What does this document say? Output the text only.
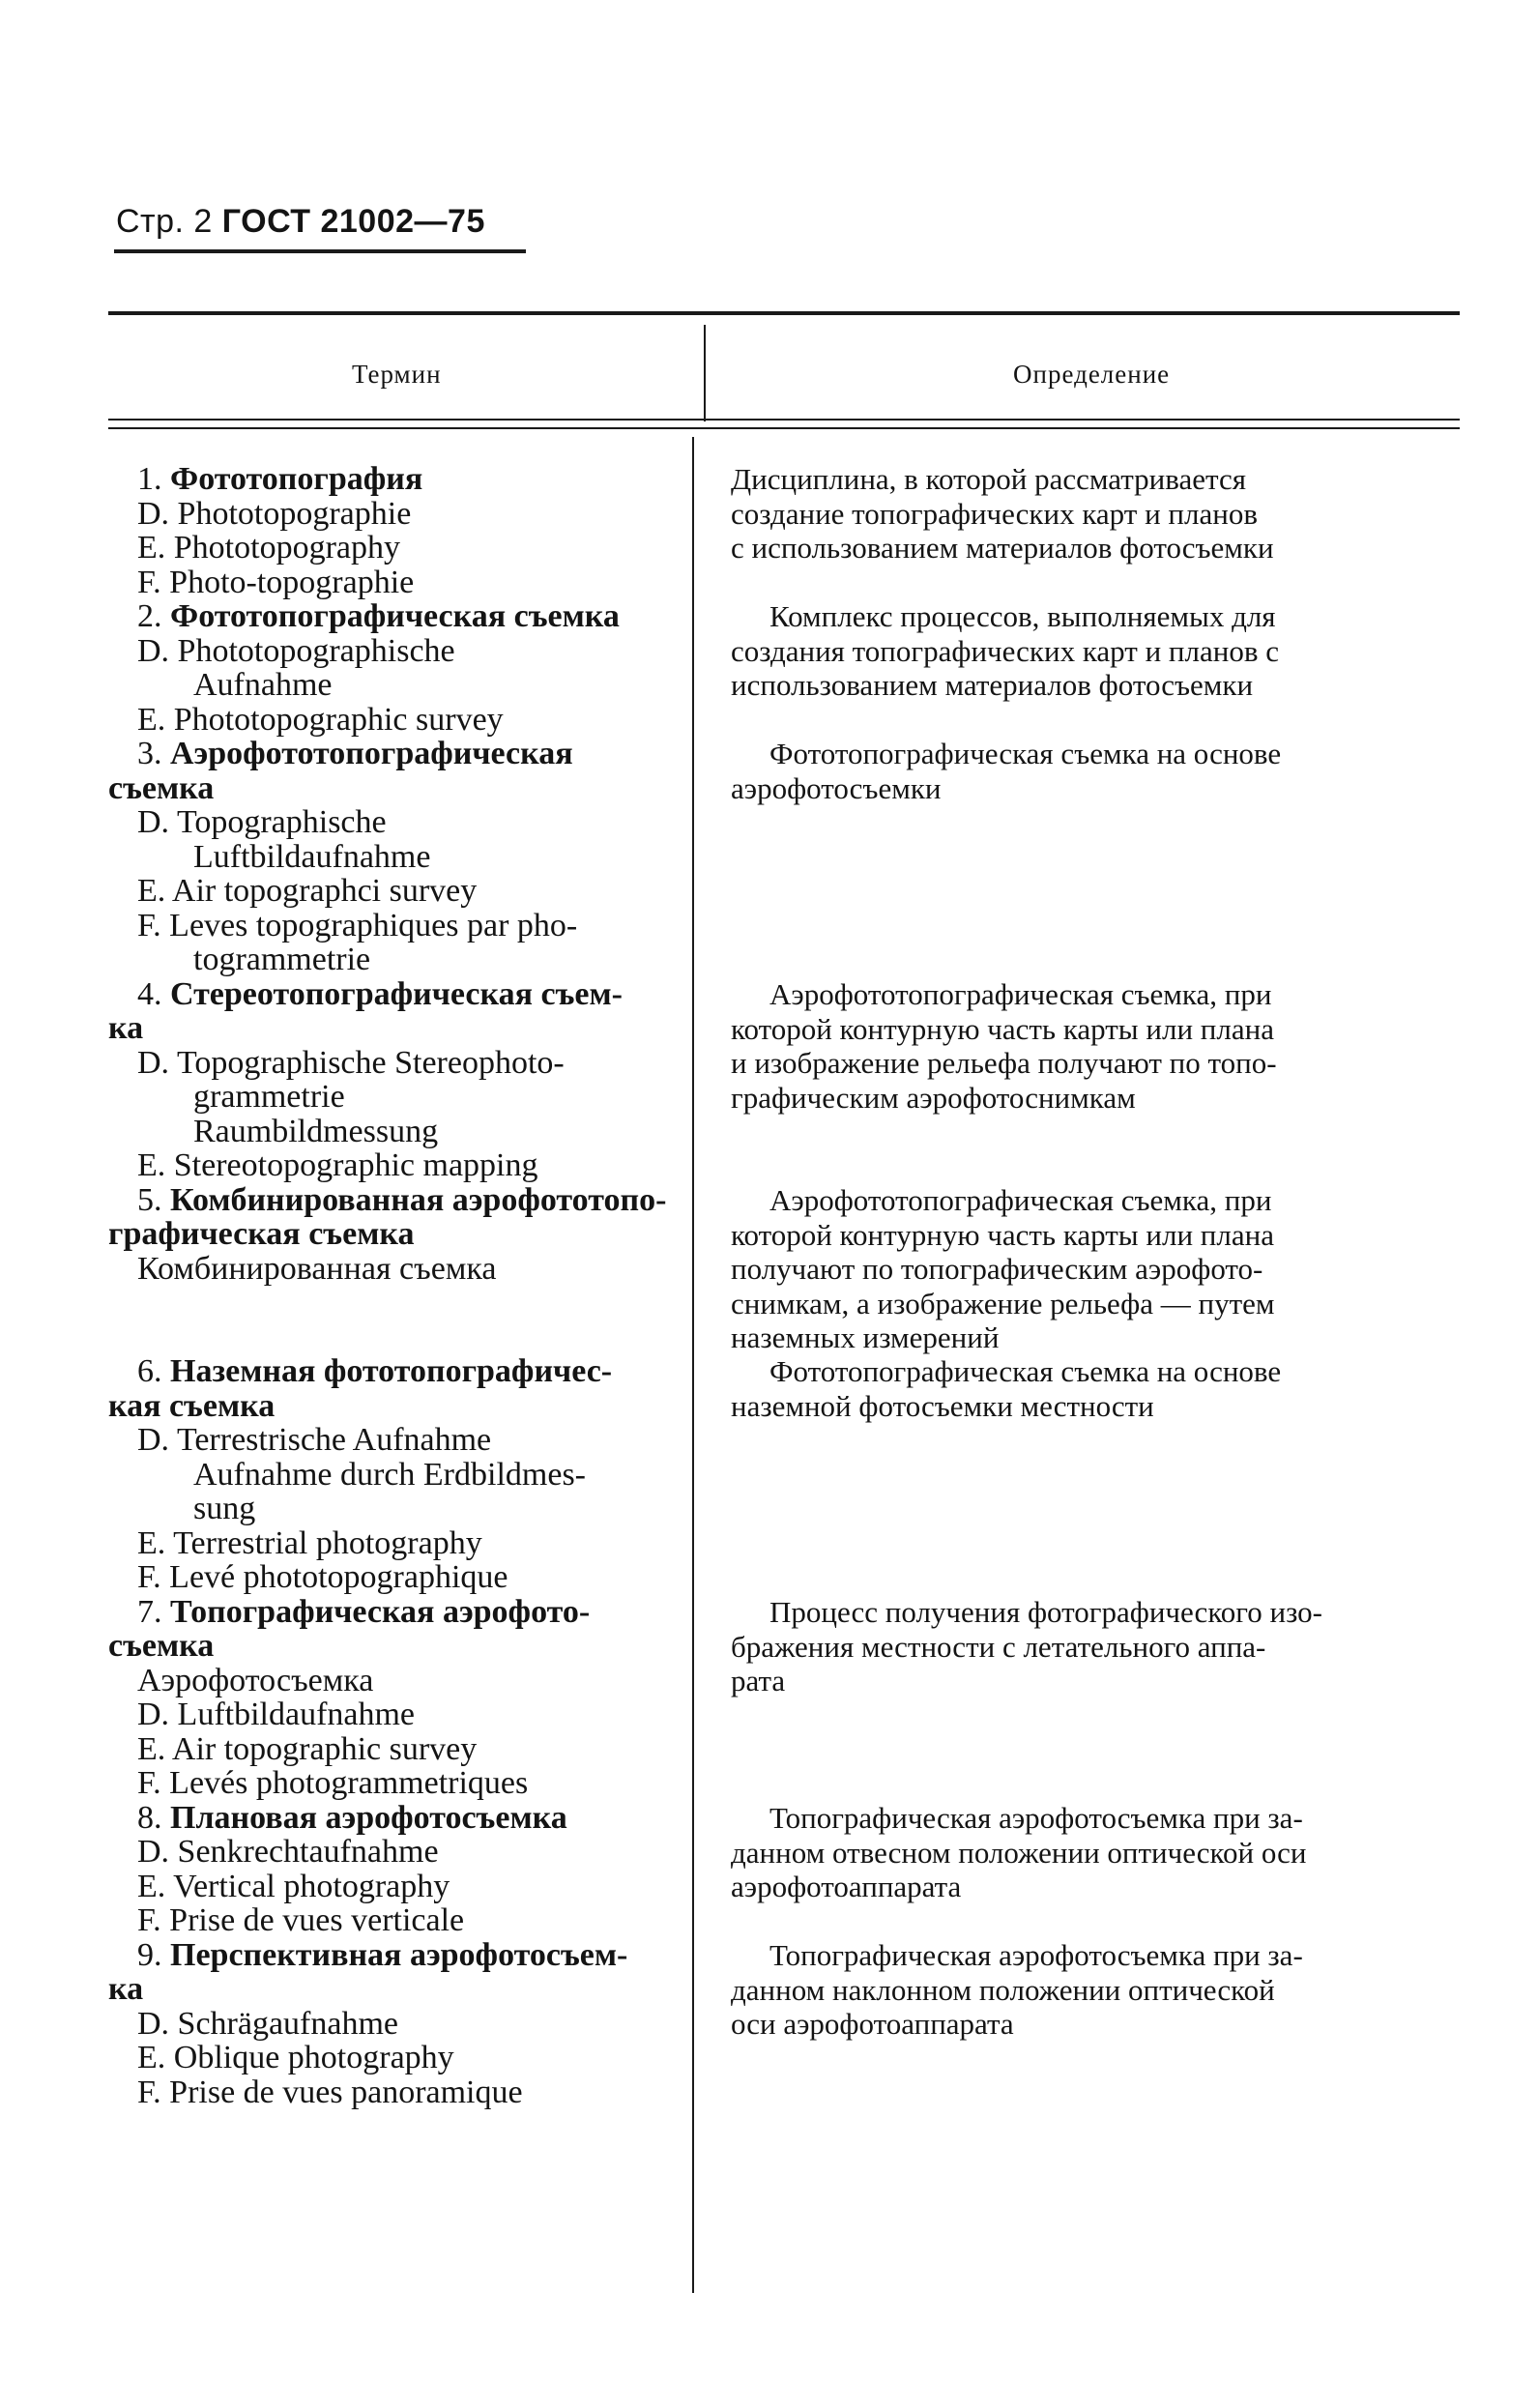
Стр. 2 ГОСТ 21002—75
Термин	Определение
1. Фототопография
D. Phototopographie
E. Phototopography
F. Photo-topographie
2. Фототопографическая съемка
D. Phototopographische
Aufnahme
E. Phototopographic survey
3. Аэрофототопографическая
съемка
D. Topographische
Luftbildaufnahme
E. Air topographci survey
F. Leves topographiques par pho-
togrammetrie
4. Стереотопографическая съем-
ка
D. Topographische Stereophoto-
grammetrie
Raumbildmessung
E. Stereotopographic mapping
5. Комбинированная аэрофототопо-
графическая съемка
Комбинированная съемка
6. Наземная фототопографичес-
кая съемка
D. Terrestrische Aufnahme
Aufnahme durch Erdbildmes-
sung
E. Terrestrial photography
F. Levé phototopographique
7. Топографическая аэрофото-
съемка
Аэрофотосъемка
D. Luftbildaufnahme
E. Air topographic survey
F. Levés photogrammetriques
8. Плановая аэрофотосъемка
D. Senkrechtaufnahme
E. Vertical photography
F. Prise de vues verticale
9. Перспективная аэрофотосъем-
ка
D. Schrägaufnahme
E. Oblique photography
F. Prise de vues panoramique
Дисциплина, в которой рассматривается
создание топографических карт и планов
с использованием материалов фотосъемки
Комплекс процессов, выполняемых для
создания топографических карт и планов с
использованием материалов фотосъемки
Фототопографическая съемка на основе
аэрофотосъемки
Аэрофототопографическая съемка, при
которой контурную часть карты или плана
и изображение рельефа получают по топо-
графическим аэрофотоснимкам
Аэрофототопографическая съемка, при
которой контурную часть карты или плана
получают по топографическим аэрофото-
снимкам, а изображение рельефа — путем
наземных измерений
Фототопографическая съемка на основе
наземной фотосъемки местности
Процесс получения фотографического изо-
бражения местности с летательного аппа-
рата
Топографическая аэрофотосъемка при за-
данном отвесном положении оптической оси
аэрофотоаппарата
Топографическая аэрофотосъемка при за-
данном наклонном положении оптической
оси аэрофотоаппарата
